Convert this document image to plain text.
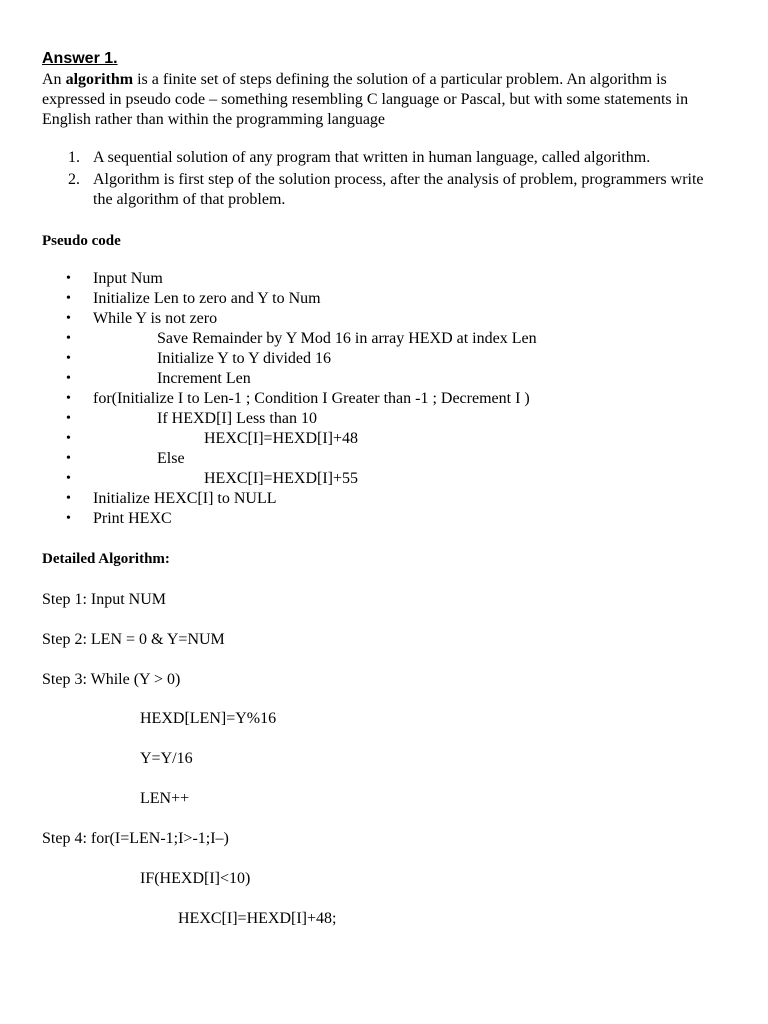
Answer 1.

An algorithm is a finite set of steps defining the solution of a particular problem. An algorithm is expressed in pseudo code – something resembling C language or Pascal, but with some statements in English rather than within the programming language

1. A sequential solution of any program that written in human language, called algorithm.
2. Algorithm is first step of the solution process, after the analysis of problem, programmers write the algorithm of that problem.
Pseudo code
• Input Num
• Initialize Len to zero and Y to Num
• While Y is not zero
•	Save Remainder by Y Mod 16 in array HEXD at index Len
•	Initialize Y to Y divided 16
•	Increment Len
• for(Initialize I to Len-1 ; Condition I Greater than -1 ; Decrement I )
•	If HEXD[I] Less than 10
•	HEXC[I]=HEXD[I]+48
•	Else
•	HEXC[I]=HEXD[I]+55
• Initialize HEXC[I] to NULL
• Print HEXC
Detailed Algorithm:
Step 1: Input NUM
Step 2: LEN = 0 & Y=NUM
Step 3: While (Y > 0)
HEXD[LEN]=Y%16
Y=Y/16
LEN++
Step 4: for(I=LEN-1;I>-1;I–)
IF(HEXD[I]<10)
HEXC[I]=HEXD[I]+48;
